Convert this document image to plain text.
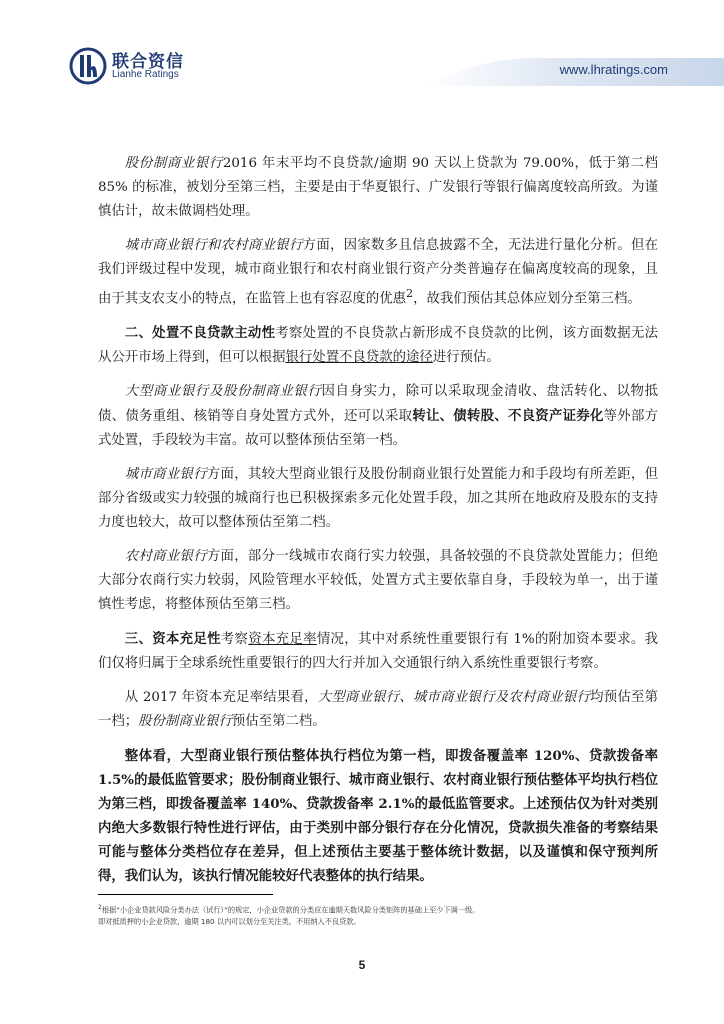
联合资信
Lianhe Ratings	www.lhratings.com

股份制商业银行2016 年末平均不良贷款/逾期 90 天以上贷款为 79.00%，低于第二档 85% 的标准，被划分至第三档，主要是由于华夏银行、广发银行等银行偏离度较高所致。为谨慎估计，故未做调档处理。

城市商业银行和农村商业银行方面，因家数多且信息披露不全，无法进行量化分析。但在我们评级过程中发现，城市商业银行和农村商业银行资产分类普遍存在偏离度较高的现象，且由于其支农支小的特点，在监管上也有容忍度的优惠$^2$，故我们预估其总体应划分至第三档。

二、处置不良贷款主动性考察处置的不良贷款占新形成不良贷款的比例，该方面数据无法从公开市场上得到，但可以根据银行处置不良贷款的途径进行预估。

大型商业银行及股份制商业银行因自身实力，除可以采取现金清收、盘活转化、以物抵债、债务重组、核销等自身处置方式外，还可以采取转让、债转股、不良资产证券化等外部方式处置，手段较为丰富。故可以整体预估至第一档。

城市商业银行方面，其较大型商业银行及股份制商业银行处置能力和手段均有所差距，但部分省级或实力较强的城商行也已积极探索多元化处置手段，加之其所在地政府及股东的支持力度也较大，故可以整体预估至第二档。

农村商业银行方面，部分一线城市农商行实力较强，具备较强的不良贷款处置能力；但绝大部分农商行实力较弱，风险管理水平较低，处置方式主要依靠自身，手段较为单一，出于谨慎性考虑，将整体预估至第三档。

三、资本充足性考察资本充足率情况，其中对系统性重要银行有 1%的附加资本要求。我们仅将归属于全球系统性重要银行的四大行并加入交通银行纳入系统性重要银行考察。

从 2017 年资本充足率结果看，大型商业银行、城市商业银行及农村商业银行均预估至第一档；股份制商业银行预估至第二档。

整体看，大型商业银行预估整体执行档位为第一档，即拨备覆盖率 120%、贷款拨备率 1.5%的最低监管要求；股份制商业银行、城市商业银行、农村商业银行预估整体平均执行档位为第三档，即拨备覆盖率 140%、贷款拨备率 2.1%的最低监管要求。上述预估仅为针对类别内绝大多数银行特性进行评估，由于类别中部分银行存在分化情况，贷款损失准备的考察结果可能与整体分类档位存在差异，但上述预估主要基于整体统计数据，以及谨慎和保守预判所得，我们认为，该执行情况能较好代表整体的执行结果。

$^2$根据“小企业贷款风险分类办法（试行）”的规定，小企业贷款的分类应在逾期天数风险分类矩阵的基础上至少下调一级。
即对抵质押的小企业贷款，逾期 180 以内可以划分至关注类，不用纳入不良贷款。
5
